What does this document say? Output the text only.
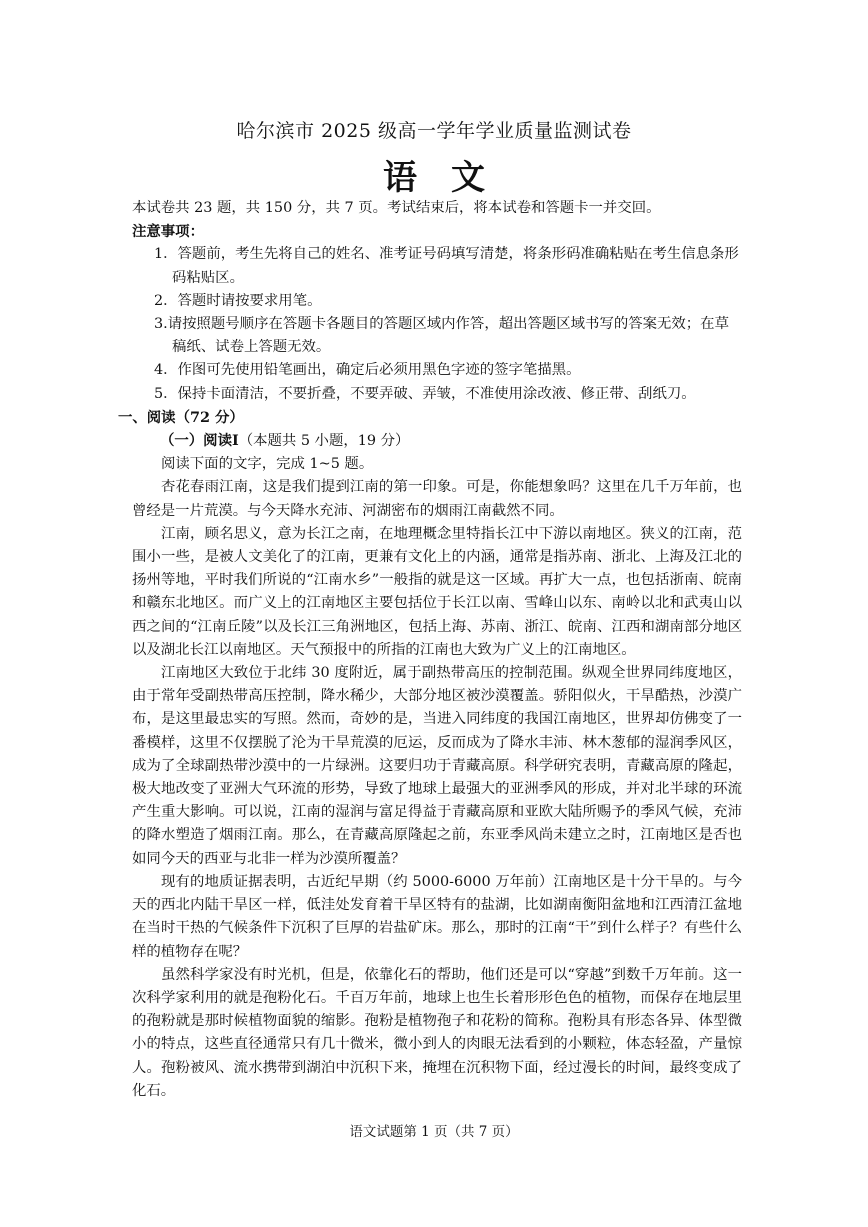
哈尔滨市 2025 级高一学年学业质量监测试卷
语文

本试卷共 23 题，共 150 分，共 7 页。考试结束后，将本试卷和答题卡一并交回。

注意事项：

1．答题前，考生先将自己的姓名、准考证号码填写清楚，将条形码准确粘贴在考生信息条形码粘贴区。

2．答题时请按要求用笔。

3.请按照题号顺序在答题卡各题目的答题区域内作答，超出答题区域书写的答案无效；在草稿纸、试卷上答题无效。

4．作图可先使用铅笔画出，确定后必须用黑色字迹的签字笔描黑。

5．保持卡面清洁，不要折叠，不要弄破、弄皱，不准使用涂改液、修正带、刮纸刀。

一、阅读（72 分）

（一）阅读Ⅰ（本题共 5 小题，19 分）

阅读下面的文字，完成 1~5 题。

杏花春雨江南，这是我们提到江南的第一印象。可是，你能想象吗？这里在几千万年前，也曾经是一片荒漠。与今天降水充沛、河湖密布的烟雨江南截然不同。

江南，顾名思义，意为长江之南，在地理概念里特指长江中下游以南地区。狭义的江南，范围小一些，是被人文美化了的江南，更兼有文化上的内涵，通常是指苏南、浙北、上海及江北的扬州等地，平时我们所说的“江南水乡”一般指的就是这一区域。再扩大一点，也包括浙南、皖南和赣东北地区。而广义上的江南地区主要包括位于长江以南、雪峰山以东、南岭以北和武夷山以西之间的“江南丘陵”以及长江三角洲地区，包括上海、苏南、浙江、皖南、江西和湖南部分地区以及湖北长江以南地区。天气预报中的所指的江南也大致为广义上的江南地区。

江南地区大致位于北纬 30 度附近，属于副热带高压的控制范围。纵观全世界同纬度地区，由于常年受副热带高压控制，降水稀少，大部分地区被沙漠覆盖。骄阳似火，干旱酷热，沙漠广布，是这里最忠实的写照。然而，奇妙的是，当进入同纬度的我国江南地区，世界却仿佛变了一番模样，这里不仅摆脱了沦为干旱荒漠的厄运，反而成为了降水丰沛、林木葱郁的湿润季风区，成为了全球副热带沙漠中的一片绿洲。这要归功于青藏高原。科学研究表明，青藏高原的隆起，极大地改变了亚洲大气环流的形势，导致了地球上最强大的亚洲季风的形成，并对北半球的环流产生重大影响。可以说，江南的湿润与富足得益于青藏高原和亚欧大陆所赐予的季风气候，充沛的降水塑造了烟雨江南。那么，在青藏高原隆起之前，东亚季风尚未建立之时，江南地区是否也如同今天的西亚与北非一样为沙漠所覆盖？

现有的地质证据表明，古近纪早期（约 5000-6000 万年前）江南地区是十分干旱的。与今天的西北内陆干旱区一样，低洼处发育着干旱区特有的盐湖，比如湖南衡阳盆地和江西清江盆地在当时干热的气候条件下沉积了巨厚的岩盐矿床。那么，那时的江南“干”到什么样子？有些什么样的植物存在呢？

虽然科学家没有时光机，但是，依靠化石的帮助，他们还是可以“穿越”到数千万年前。这一次科学家利用的就是孢粉化石。千百万年前，地球上也生长着形形色色的植物，而保存在地层里的孢粉就是那时候植物面貌的缩影。孢粉是植物孢子和花粉的简称。孢粉具有形态各异、体型微小的特点，这些直径通常只有几十微米，微小到人的肉眼无法看到的小颗粒，体态轻盈，产量惊人。孢粉被风、流水携带到湖泊中沉积下来，掩埋在沉积物下面，经过漫长的时间，最终变成了化石。

语文试题第 1 页（共 7 页）
